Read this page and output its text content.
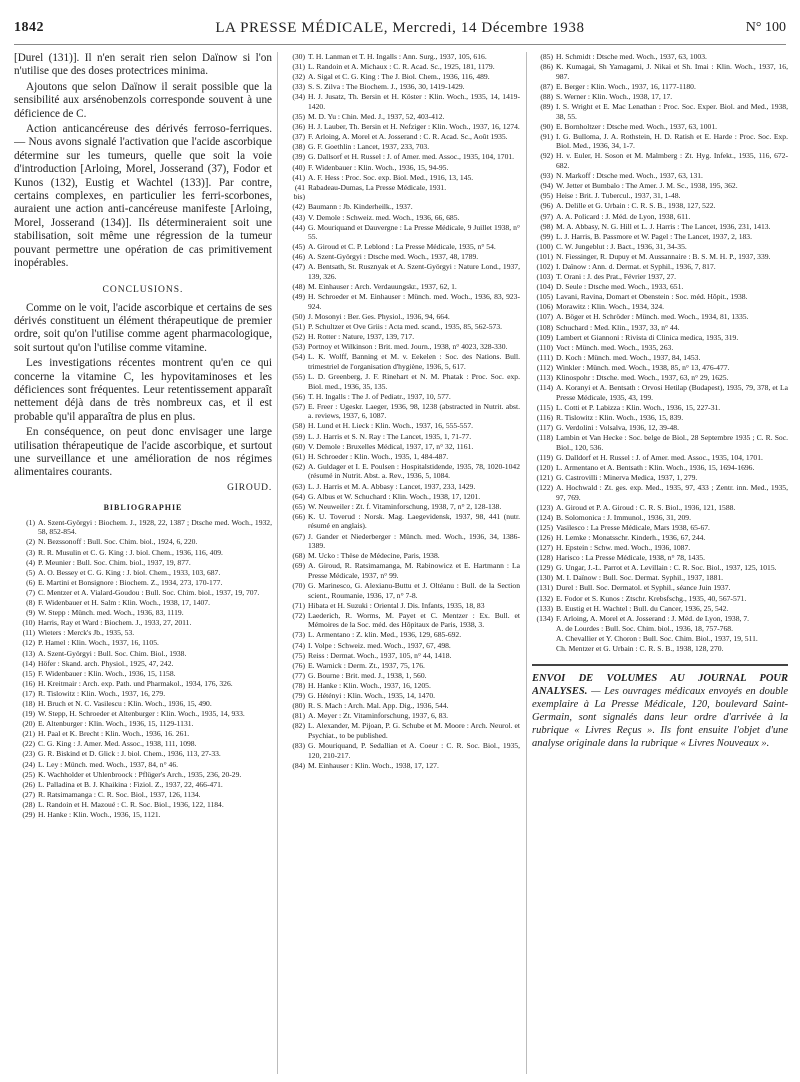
1842	LA PRESSE MÉDICALE, Mercredi, 14 Décembre 1938	N° 100

[Durel (131)]. Il n'en serait rien selon Daïnow si l'on n'utilise que des doses protectrices minima.

Ajoutons que selon Daïnow il serait possible que la sensibilité aux arsénobenzols corresponde souvent à une déficience de C.

Action anticancéreuse des dérivés ferroso-ferriques. — Nous avons signalé l'activation que l'acide ascorbique détermine sur les tumeurs, quelle que soit la voie d'introduction [Arloing, Morel, Josserand (37), Fodor et Kunos (132), Eustig et Wachtel (133)]. Par contre, certains complexes, en particulier les ferri-scorbones, auraient une action anti-cancéreuse manifeste [Arloing, Morel, Josserand (134)]. Ils détermineraient soit une stabilisation, soit même une régression de la tumeur pouvant permettre une opération de cas primitivement inopérables.

CONCLUSIONS.

Comme on le voit, l'acide ascorbique et certains de ses dérivés constituent un élément thérapeutique de premier ordre, soit qu'on l'utilise comme agent pharmacologique, soit surtout qu'on l'utilise comme vitamine.

Les investigations récentes montrent qu'en ce qui concerne la vitamine C, les hypovitaminoses et les déficiences sont fréquentes. Leur retentissement apparaît nettement déjà dans de très nombreux cas, et il est probable qu'il apparaîtra de plus en plus.

En conséquence, on peut donc envisager une large utilisation thérapeutique de l'acide ascorbique, et surtout une surveillance et une amélioration de nos régimes alimentaires courants.

GIROUD.
BIBLIOGRAPHIE
(1) A. Szent-Györgyi : Biochem. J., 1928, 22, 1387 ; Dtsche med. Woch., 1932, 58, 852-854.
(2) N. Bezssonoff : Bull. Soc. Chim. biol., 1924, 6, 220.
(3) R. R. Musulin et C. G. King : J. biol. Chem., 1936, 116, 409.
(4) P. Meunier : Bull. Soc. Chim. biol., 1937, 19, 877.
(5) A. O. Bessey et C. G. King : J. biol. Chem., 1933, 103, 687.
(6) E. Martini et Bonsignore : Biochem. Z., 1934, 273, 170-177.
(7) C. Mentzer et A. Vialard-Goudou : Bull. Soc. Chim. biol., 1937, 19, 707.
(8) F. Widenbauer et H. Salm : Klin. Woch., 1938, 17, 1407.
(9) W. Stepp : Münch. med. Woch., 1936, 83, 1119.
(10) Harris, Ray et Ward : Biochem. J., 1933, 27, 2011.
(11) Wieters : Merck's Jb., 1935, 53.
(12) P. Hamel : Klin. Woch., 1937, 16, 1105.
(13) A. Szent-Györgyi : Bull. Soc. Chim. Biol., 1938.
(14) Höfer : Skand. arch. Physiol., 1925, 47, 242.
(15) F. Widenbauer : Klin. Woch., 1936, 15, 1158.
(16) H. Kreitmair : Arch. exp. Path. und Pharmakol., 1934, 176, 326.
(17) R. Tislowitz : Klin. Woch., 1937, 16, 279.
(18) H. Bruch et N. C. Vasilescu : Klin. Woch., 1936, 15, 490.
(19) W. Stepp, H. Schroeder et Altenburger : Klin. Woch., 1935, 14, 933.
(20) E. Altenburger : Klin. Woch., 1936, 15, 1129-1131.
(21) H. Paal et K. Brecht : Klin. Woch., 1936, 16. 261.
(22) C. G. King : J. Amer. Med. Assoc., 1938, 111, 1098.
(23) G. R. Biskind et D. Glick : J. biol. Chem., 1936, 113, 27-33.
(24) L. Ley : Münch. med. Woch., 1937, 84, n° 46.
(25) K. Wachholder et Uhlenbroock : Pflüger's Arch., 1935, 236, 20-29.
(26) L. Palladina et B. J. Khaikina : Fiziol. Z., 1937, 22, 466-471.
(27) R. Ratsimamanga : C. R. Soc. Biol., 1937, 126, 1134.
(28) L. Randoin et H. Mazoué : C. R. Soc. Biol., 1936, 122, 1184.
(29) H. Hanke : Klin. Woch., 1936, 15, 1121.
(30) T. H. Lanman et T. H. Ingalls : Ann. Surg., 1937, 105, 616.
(31) L. Randoin et A. Michaux : C. R. Acad. Sc., 1925, 181, 1179.
(32) A. Sigal et C. G. King : The J. Biol. Chem., 1936, 116, 489.
(33) S. S. Zilva : The Biochem. J., 1936, 30, 1419-1429.
(34) H. J. Jusatz, Th. Bersin et H. Köster : Klin. Woch., 1935, 14, 1419-1420.
(35) M. D. Yu : Chin. Med. J., 1937, 52, 403-412.
(36) H. J. Lauber, Th. Bersin et H. Nefziger : Klin. Woch., 1937, 16, 1274.
(37) F. Arloing, A. Morel et A. Josserand : C. R. Acad. Sc., Août 1935.
(38) G. F. Goethlin : Lancet, 1937, 233, 703.
(39) G. Dallsorf et H. Russel : J. of Amer. med. Assoc., 1935, 104, 1701.
(40) F. Widenbauer : Klin. Woch., 1936, 15, 94-95.
(41) A. F. Hess : Proc. Soc. exp. Biol. Med., 1916, 13, 145.
(41 bis)
Rabadeau-Dumas, La Presse Médicale, 1931.
(42) Baumann : Jb. Kinderheilk., 1937.
(43) V. Demole : Schweiz. med. Woch., 1936, 66, 685.
(44) G. Mouriquand et Dauvergne : La Presse Médicale, 9 Juillet 1938, n° 55.
(45) A. Giroud et C. P. Leblond : La Presse Médicale, 1935, n° 54.
(46) A. Szent-Györgyi : Dtsche med. Woch., 1937, 48, 1789.
(47) A. Bentsath, St. Rusznyak et A. Szent-Györgyi : Nature Lond., 1937, 139, 326.
(48) M. Einhauser : Arch. Verdauungskr., 1937, 62, 1.
(49) H. Schroeder et M. Einhauser : Münch. med. Woch., 1936, 83, 923-924.
(50) J. Mosonyi : Ber. Ges. Physiol., 1936, 94, 664.
(51) P. Schultzer et Ove Griis : Acta med. scand., 1935, 85, 562-573.
(52) H. Rotter : Nature, 1937, 139, 717.
(53) Portnoy et Wilkinson : Brit. med. Journ., 1938, n° 4023, 328-330.
(54) L. K. Wolff, Banning et M. v. Eekelen : Soc. des Nations. Bull. trimestriel de l'organisation d'hygiène, 1936, 5, 617.
(55) L. D. Greenberg, J. F. Rinehart et N. M. Phatak : Proc. Soc. exp. Biol. med., 1936, 35, 135.
(56) T. H. Ingalls : The J. of Pediatr., 1937, 10, 577.
(57) E. Freer : Ugeskr. Laeger, 1936, 98, 1238 (abstracted in Nutrit. abst. a. reviews, 1937, 6, 1087.
(58) H. Lund et H. Lieck : Klin. Woch., 1937, 16, 555-557.
(59) L. J. Harris et S. N. Ray : The Lancet, 1935, 1, 71-77.
(60) V. Demole : Bruxelles Médical, 1937, 17, n° 32, 1161.
(61) H. Schroeder : Klin. Woch., 1935, 1, 484-487.
(62) A. Guldager et I. E. Poulsen : Hospitalstidende, 1935, 78, 1020-1042 (résumé in Nutrit. Abst. a. Rev., 1936, 5, 1084.
(63) L. J. Harris et M. A. Abbasy : Lancet, 1937, 233, 1429.
(64) G. Albus et W. Schuchard : Klin. Woch., 1938, 17, 1201.
(65) W. Neuweiler : Zt. f. Vitaminforschung, 1938, 7, n° 2, 128-138.
(66) K. U. Toverud : Norsk. Mag. Laegevidensk, 1937, 98, 441 (nutr. résumé en anglais).
(67) J. Gander et Niederberger : Münch. med. Woch., 1936, 34, 1386-1389.
(68) M. Ucko : Thèse de Médecine, Paris, 1938.
(69) A. Giroud, R. Ratsimamanga, M. Rabinowicz et E. Hartmann : La Presse Médicale, 1937, n° 99.
(70) G. Marinesco, G. Alexianu-Buttu et J. Oltéanu : Bull. de la Section scient., Roumanie, 1936, 17, n° 7-8.
(71) Hibata et H. Suzuki : Oriental J. Dis. Infants, 1935, 18, 83
(72) Laederich, R. Worms, M. Payet et C. Mentzer : Ex. Bull. et Mémoires de la Soc. méd. des Hôpitaux de Paris, 1938, 3.
(73) L. Armentano : Z. klin. Med., 1936, 129, 685-692.
(74) I. Volpe : Schweiz. med. Woch., 1937, 67, 498.
(75) Reiss : Dermat. Woch., 1937, 105, n° 44, 1418.
(76) E. Warnick : Derm. Zt., 1937, 75, 176.
(77) G. Bourne : Brit. med. J., 1938, 1, 560.
(78) H. Hanke : Klin. Woch., 1937, 16, 1205.
(79) G. Hétényi : Klin. Woch., 1935, 14, 1470.
(80) R. S. Mach : Arch. Mal. App. Dig., 1936, 544.
(81) A. Meyer : Zt. Vitaminforschung, 1937, 6, 83.
(82) L. Alexander, M. Pijoan, P. G. Schube et M. Moore : Arch. Neurol. et Psychiat., to be published.
(83) G. Mouriquand, P. Sedallian et A. Coeur : C. R. Soc. Biol., 1935, 120, 210-217.
(84) M. Einhauser : Klin. Woch., 1938, 17, 127.
(85) H. Schmidt : Dtsche med. Woch., 1937, 63, 1003.
(86) K. Kumagai, Sh Yamagami, J. Nikai et Sh. Imai : Klin. Woch., 1937, 16, 987.
(87) E. Berger : Klin. Woch., 1937, 16, 1177-1180.
(88) S. Werner : Klin. Woch., 1938, 17, 17.
(89) I. S. Wright et E. Mac Lenathan : Proc. Soc. Exper. Biol. and Med., 1938, 38, 55.
(90) E. Bornholtzer : Dtsche med. Woch., 1937, 63, 1001.
(91) I. G. Bulloma, J. A. Rothstein, H. D. Ratish et E. Harde : Proc. Soc. Exp. Biol. Med., 1936, 34, 1-7.
(92) H. v. Euler, H. Soson et M. Malmberg : Zt. Hyg. Infekt., 1935, 116, 672-682.
(93) N. Markoff : Dtsche med. Woch., 1937, 63, 131.
(94) W. Jetter et Bumbalo : The Amer. J. M. Sc., 1938, 195, 362.
(95) Heise : Brit. J. Tubercul., 1937, 31, 1-48.
(96) A. Delille et G. Urbain : C. R. S. B., 1938, 127, 522.
(97) A. A. Policard : J. Méd. de Lyon, 1938, 611.
(98) M. A. Abbasy, N. G. Hill et L. J. Harris : The Lancet, 1936, 231, 1413.
(99) L. J. Harris, B. Passmore et W. Pagel : The Lancet, 1937, 2, 183.
(100) C. W. Jungeblut : J. Bact., 1936, 31, 34-35.
(101) N. Fiessinger, R. Dupuy et M. Aussannaire : B. S. M. H. P., 1937, 339.
(102) I. Daïnow : Ann. d. Dermat. et Syphil., 1936, 7, 817.
(103) T. Orani : J. des Prat., Février 1937, 27.
(104) D. Seule : Dtsche med. Woch., 1933, 651.
(105) Lavani, Ravina, Domart et Obenstein : Soc. méd. Hôpit., 1938.
(106) Morawitz : Klin. Woch., 1934, 324.
(107) A. Böger et H. Schröder : Münch. med. Woch., 1934, 81, 1335.
(108) Schuchard : Med. Klin., 1937, 33, n° 44.
(109) Lambert et Giannoni : Rivista di Clinica medica, 1935, 319.
(110) Voct : Münch. med. Woch., 1935, 263.
(111) D. Koch : Münch. med. Woch., 1937, 84, 1453.
(112) Winkler : Münch. med. Woch., 1938, 85, n° 13, 476-477.
(113) Klinospohr : Dtsche. med. Woch., 1937, 63, n° 29, 1625.
(114) A. Koranyi et A. Bentsath : Orvosi Hetilap (Budapest), 1935, 79, 378, et La Presse Médicale, 1935, 43, 199.
(115) L. Cotti et P. Labizza : Klin. Woch., 1936, 15, 227-31.
(116) R. Tislowitz : Klin. Woch., 1936, 15, 839.
(117) G. Verdolini : Volsalva, 1936, 12, 39-48.
(118) Lambin et Van Hecke : Soc. belge de Biol., 28 Septembre 1935 ; C. R. Soc. Biol., 120, 536.
(119) G. Dalldorf et H. Russel : J. of Amer. med. Assoc., 1935, 104, 1701.
(120) L. Armentano et A. Bentsath : Klin. Woch., 1936, 15, 1694-1696.
(121) G. Castrovilli : Minerva Medica, 1937, 1, 279.
(122) A. Hochwald : Zt. ges. exp. Med., 1935, 97, 433 ; Zentr. inn. Med., 1935, 97, 769.
(123) A. Giroud et P. A. Giroud : C. R. S. Biol., 1936, 121, 1588.
(124) B. Solomonica : J. Immunol., 1936, 31, 209.
(125) Vasilesco : La Presse Médicale, Mars 1938, 65-67.
(126) H. Lemke : Monatsschr. Kinderh., 1936, 67, 244.
(127) H. Epstein : Schw. med. Woch., 1936, 1087.
(128) Harisco : La Presse Médicale, 1938, n° 78, 1435.
(129) G. Ungar, J.-L. Parrot et A. Levillain : C. R. Soc. Biol., 1937, 125, 1015.
(130) M. I. Daïnow : Bull. Soc. Dermat. Syphil., 1937, 1881.
(131) Durel : Bull. Soc. Dermatol. et Syphil., séance Juin 1937.
(132) E. Fodor et S. Kunos : Ztschr. Krebsfschg., 1935, 40, 567-571.
(133) B. Eustig et H. Wachtel : Bull. du Cancer, 1936, 25, 542.
(134) F. Arloing, A. Morel et A. Josserand : J. Méd. de Lyon, 1938, 7.
A. de Lourdes : Bull. Soc. Chim. biol., 1936, 18, 757-768.
A. Chevallier et Y. Choron : Bull. Soc. Chim. Biol., 1937, 19, 511.
Ch. Mentzer et G. Urbain : C. R. S. B., 1938, 128, 270.
ENVOI DE VOLUMES AU JOURNAL POUR ANALYSES. — Les ouvrages médicaux envoyés en double exemplaire à La Presse Médicale, 120, boulevard Saint-Germain, sont signalés dans leur ordre d'arrivée à la rubrique « Livres Reçus ». Ils font ensuite l'objet d'une analyse originale dans la rubrique « Livres Nouveaux ».
